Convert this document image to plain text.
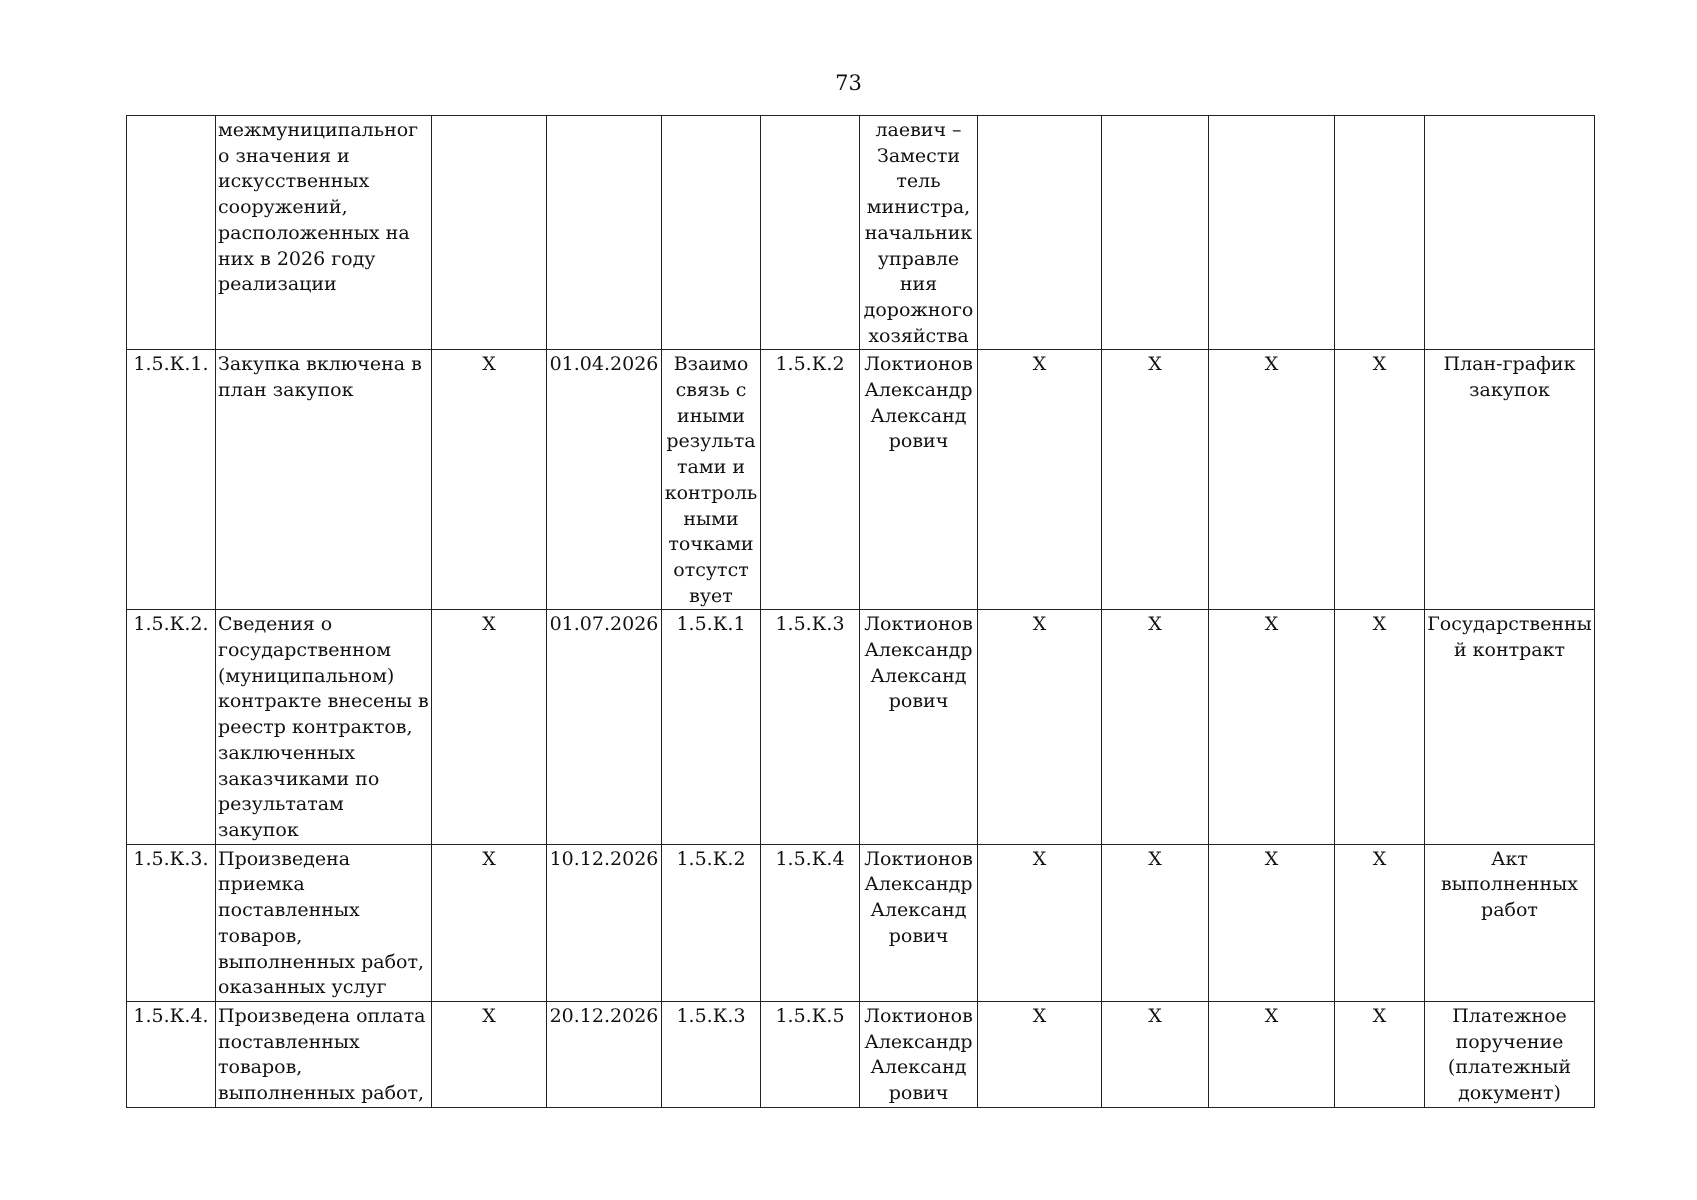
73
	межмуниципального значения и искусственных сооружений, расположенных на них в 2026 году реализации					лаевич – Замести тель министра, начальник управле ния дорожного хозяйства					
1.5.К.1.	Закупка включена в план закупок	X	01.04.2026	Взаимо связь с иными результа тами и контроль ными точками отсутст вует	1.5.К.2	Локтионов Александр Александ рович	X	X	X	X	План-график закупок
1.5.К.2.	Сведения о государственном (муниципальном) контракте внесены в реестр контрактов, заключенных заказчиками по результатам закупок	X	01.07.2026	1.5.К.1	1.5.К.3	Локтионов Александр Александ рович	X	X	X	X	Государственный контракт
1.5.К.3.	Произведена приемка поставленных товаров, выполненных работ, оказанных услуг	X	10.12.2026	1.5.К.2	1.5.К.4	Локтионов Александр Александ рович	X	X	X	X	Акт выполненных работ
1.5.К.4.	Произведена оплата поставленных товаров, выполненных работ,	X	20.12.2026	1.5.К.3	1.5.К.5	Локтионов Александр Александ рович	X	X	X	X	Платежное поручение (платежный документ)
